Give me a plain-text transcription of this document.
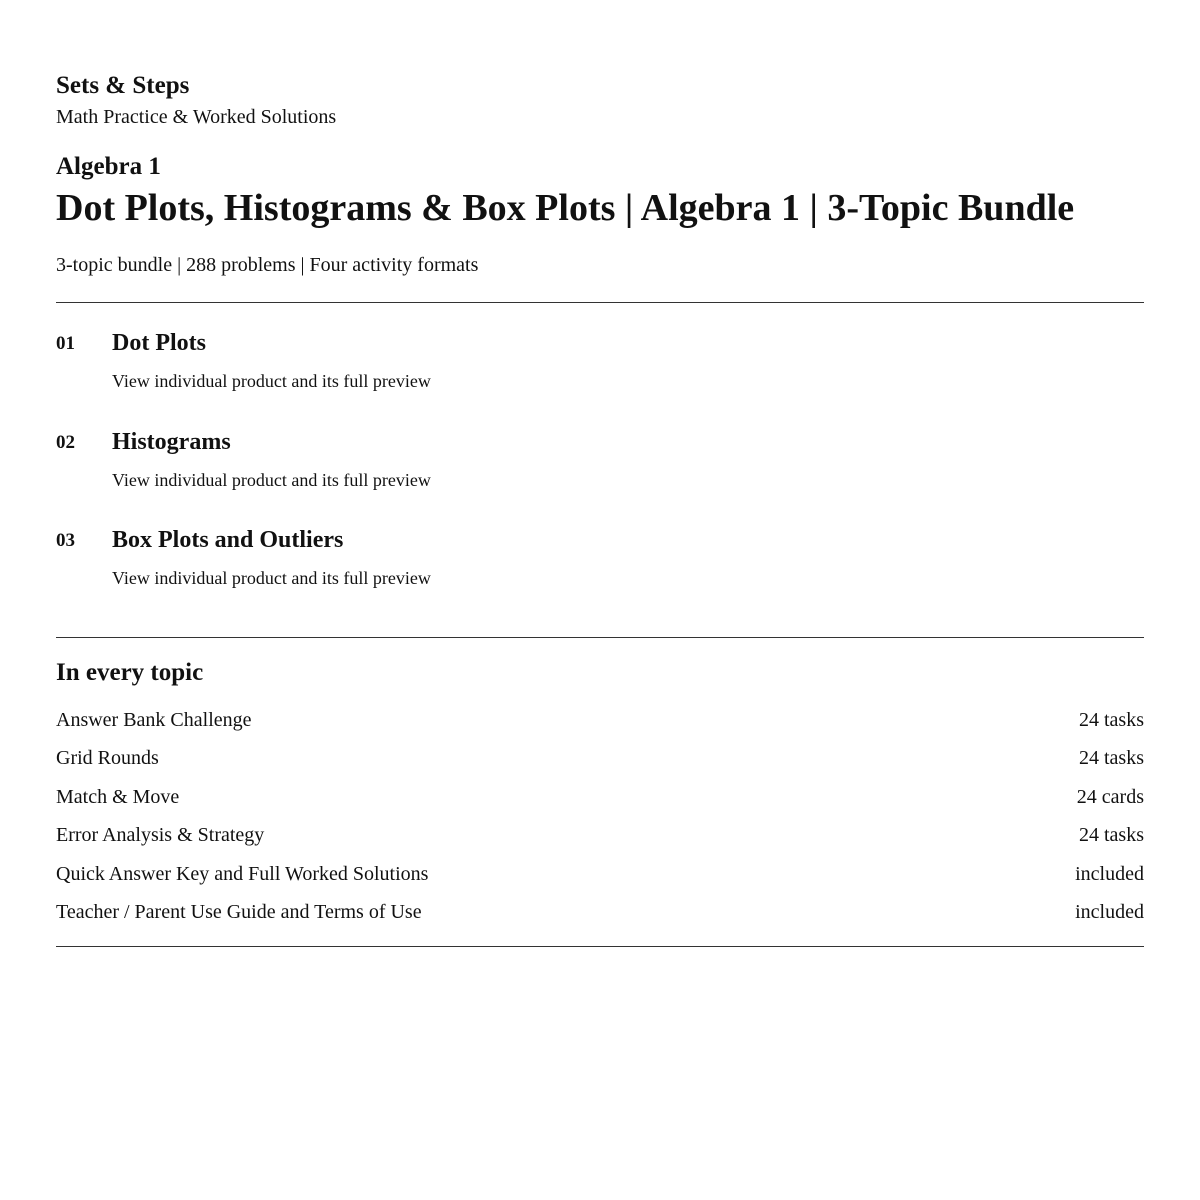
Sets & Steps
Math Practice & Worked Solutions
Algebra 1
Dot Plots, Histograms & Box Plots | Algebra 1 | 3-Topic Bundle
3-topic bundle | 288 problems | Four activity formats
01 Dot Plots
View individual product and its full preview
02 Histograms
View individual product and its full preview
03 Box Plots and Outliers
View individual product and its full preview
In every topic
Answer Bank Challenge	24 tasks
Grid Rounds	24 tasks
Match & Move	24 cards
Error Analysis & Strategy	24 tasks
Quick Answer Key and Full Worked Solutions	included
Teacher / Parent Use Guide and Terms of Use	included
